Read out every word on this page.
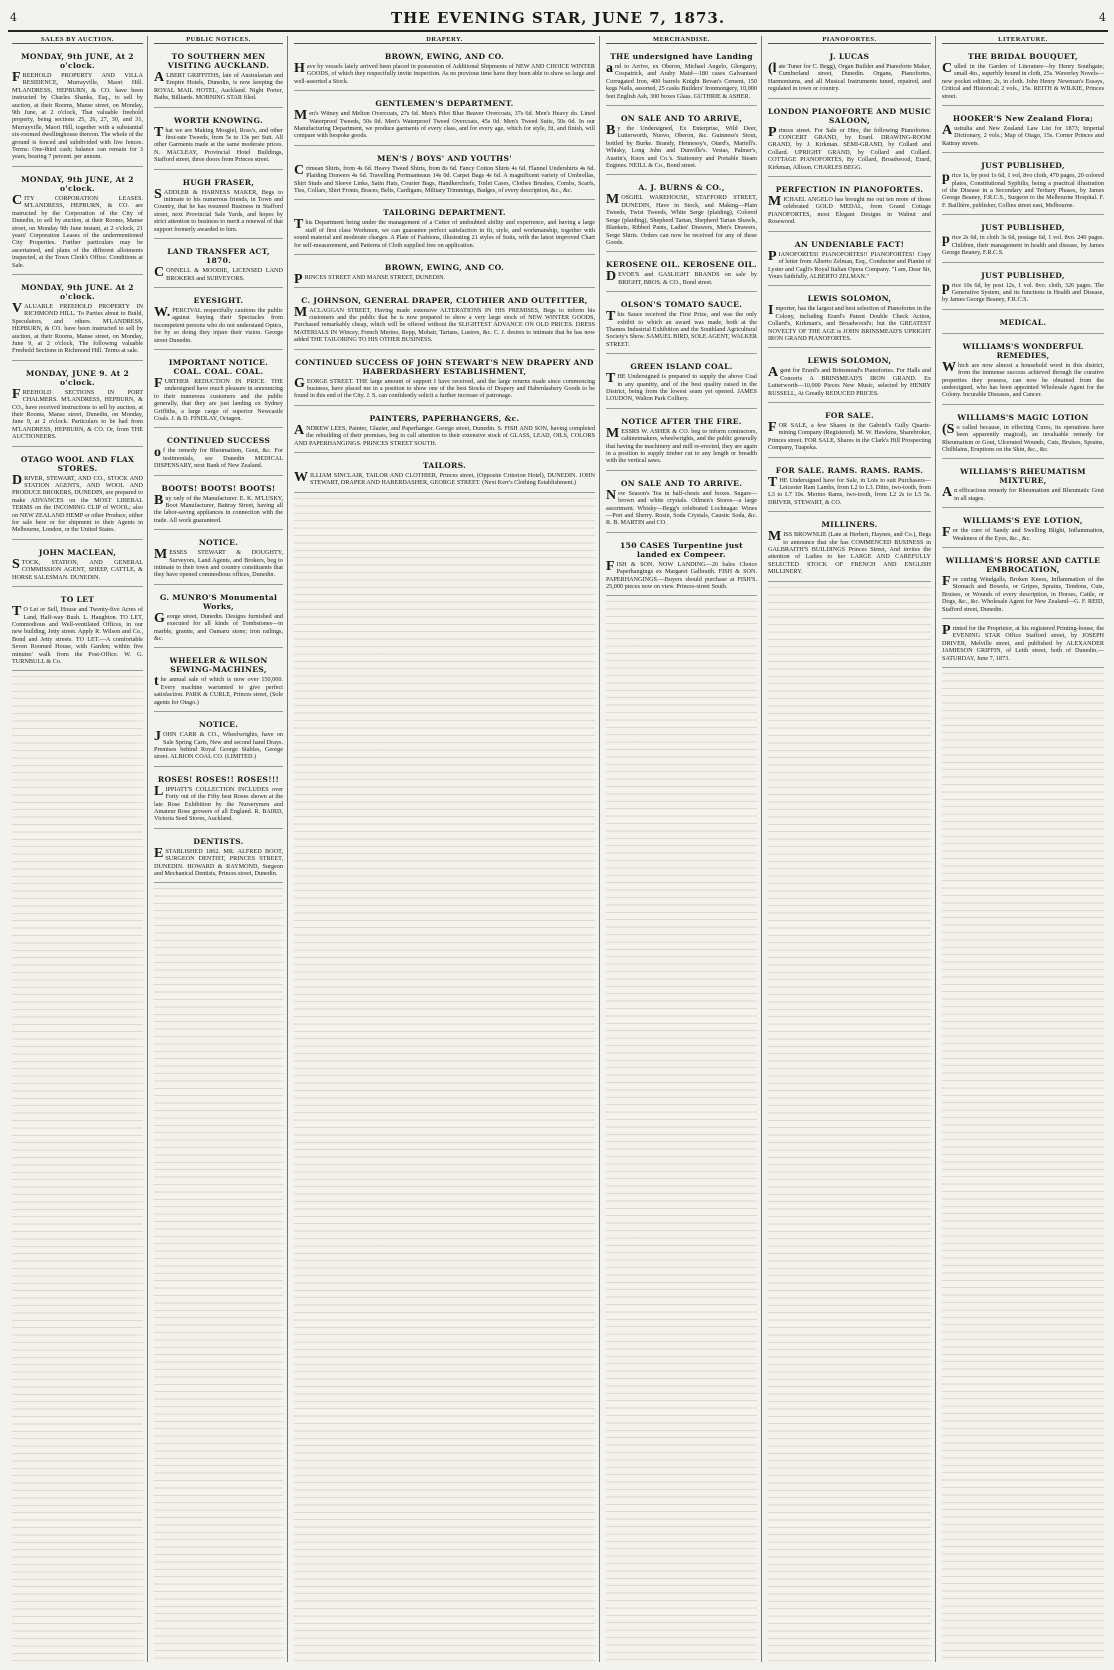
4	THE EVENING STAR, JUNE 7, 1873.	4
SALES BY AUCTION.
MONDAY, 9th JUNE, At 2 o'clock.

FREEHOLD PROPERTY AND VILLA RESIDENCE, Murrayville, Maori Hill. M'LANDRESS, HEPBURN, & CO. have been instructed by Charles Shanks, Esq., to sell by auction, at their Rooms, Manse street, on Monday, 9th June, at 2 o'clock, That valuable freehold property, being sections 25, 26, 27, 30, and 31, Murrayville, Maori Hill, together with a substantial six-roomed dwellinghouse thereon. The whole of the ground is fenced and subdivided with live fences. Terms: One-third cash; balance can remain for 3 years, bearing 7 percent. per annum.

MONDAY, 9th JUNE, At 2 o'clock.

CITY CORPORATION LEASES. M'LANDRESS, HEPBURN, & CO. are instructed by the Corporation of the City of Dunedin, to sell by auction, at their Rooms, Manse street, on Monday 9th June instant, at 2 o'clock, 21 years' Corporation Leases of the undermentioned City Properties. Further particulars may be ascertained, and plans of the different allotments inspected, at the Town Clerk's Office. Conditions at Sale.

MONDAY, 9th JUNE. At 2 o'clock.

VALUABLE FREEHOLD PROPERTY IN RICHMOND HILL. To Parties about to Build, Speculators, and others. M'LANDRESS, HEPBURN, & CO. have been instructed to sell by auction, at their Rooms, Manse street, on Monday, June 9, at 2 o'clock, The following valuable Freehold Sections in Richmond Hill. Terms at sale.

MONDAY, JUNE 9. At 2 o'clock.

FREEHOLD SECTIONS IN PORT CHALMERS. M'LANDRESS, HEPBURN, & CO., have received instructions to sell by auction, at their Rooms, Manse street, Dunedin, on Monday, June 9, at 2 o'clock. Particulars to be had from M'LANDRESS, HEPBURN, & CO. Or, from THE AUCTIONEERS.

OTAGO WOOL AND FLAX STORES.

DRIVER, STEWART, AND CO., STOCK AND STATION AGENTS, AND WOOL AND PRODUCE BROKERS, DUNEDIN, are prepared to make ADVANCES on the MOST LIBERAL TERMS on the INCOMING CLIP of WOOL; also on NEW ZEALAND HEMP or other Produce, either for sale here or for shipment to their Agents in Melbourne, London, or the United States.

JOHN MACLEAN,

STOCK, STATION, AND GENERAL COMMISSION AGENT, SHEEP, CATTLE, & HORSE SALESMAN. DUNEDIN.

TO LET

TO Let or Sell, House and Twenty-five Acres of Land, Half-way Bush. L. Haughton. TO LET, Commodious and Well-ventilated Offices, in our new building, Jetty street. Apply R. Wilson and Co., Bond and Jetty streets. TO LET.—A comfortable Seven Roomed House, with Garden; within five minutes' walk from the Post-Office. W. G. TURNBULL & Co.

PUBLIC NOTICES.
TO SOUTHERN MEN VISITING AUCKLAND.

ALBERT GRIFFITHS, late of Australasian and Empire Hotels, Dunedin, is now keeping the ROYAL MAIL HOTEL, Auckland. Night Porter, Baths, Billiards. MORNING STAR filed.

WORTH KNOWING.

That we are Making Mosgiel, Ross's, and other first-rate Tweeds, from 5s to 13s per Suit. All other Garments made at the same moderate prices. N. MACLEAY, Provincial Hotel Buildings, Stafford street, three doors from Princes street.

HUGH FRASER,

SADDLER & HARNESS MAKER, Begs to intimate to his numerous friends, in Town and Country, that he has resumed Business in Stafford street, next Provincial Sale Yards, and hopes by strict attention to business to merit a renewal of that support formerly awarded to him.

LAND TRANSFER ACT, 1870.

CONNELL & MOODIE, LICENSED LAND BROKERS and SURVEYORS.

EYESIGHT.

W.PERCIVAL respectfully cautions the public against buying their Spectacles from incompetent persons who do not understand Optics, for by so doing they injure their vision. George street Dunedin.

IMPORTANT NOTICE. COAL. COAL. COAL.

FURTHER REDUCTION IN PRICE. THE undersigned have much pleasure in announcing to their numerous customers and the public generally, that they are just landing ex Sydney Griffiths, a large cargo of superior Newcastle Coals. J. & D. FINDLAY, Octagon.

CONTINUED SUCCESS

of the remedy for Rheumatism, Gout, &c. For testimonials, see Dunedin MEDICAL DISPENSARY, next Bank of New Zealand.

BOOTS! BOOTS! BOOTS!

Buy only of the Manufacturer. E. K. M'LUSKY, Boot Manufacturer, Battray Street, having all the labor-saving appliances in connection with the trade. All work guaranteed.

NOTICE.

MESSES STEWART & DOUGHTY, Surveyors, Land Agents, and Brokers, beg to intimate to their town and country constituents that they have opened commodious offices, Dunedin.

G. MUNRO'S Monumental Works,

George street, Dunedin. Designs furnished and executed for all kinds of Tombstones—in marble, granite, and Oamaru stone; iron railings, &c.

WHEELER & WILSON SEWING-MACHINES,

the annual sale of which is now over 150,000. Every machine warranted to give perfect satisfaction. PARK & CURLE, Princes street, (Sole agents for Otago.)

NOTICE.

JOHN CARR & CO., Wheelwrights, have on Sale Spring Carts, New and second hand Drays. Premises behind Royal George Stables, George street. ALBION COAL CO. (LIMITED.)

ROSES! ROSES!! ROSES!!!

LIPPIATT'S COLLECTION INCLUDES over Forty out of the Fifty best Roses shown at the late Rose Exhibition by the Nurserymen and Amateur Rose growers of all England. R. BAIRD, Victoria Seed Stores, Auckland.

DENTISTS.

ESTABLISHED 1862. MR. ALFRED BOOT, SURGEON DENTIST, PRINCES STREET, DUNEDIN. HOWARD & RAYMOND, Surgeon and Mechanical Dentists, Princes street, Dunedin.

DRAPERY.
BROWN, EWING, AND CO.

Have by vessels lately arrived been placed in possession of Additional Shipments of NEW AND CHOICE WINTER GOODS, of which they respectfully invite inspection. As no previous time have they been able to show so large and well-assorted a Stock.

GENTLEMEN'S DEPARTMENT.

Men's Witney and Melton Overcoats, 27s 6d. Men's Pilot Blue Beaver Overcoats, 37s 6d. Men's Heavy do. Lined Waterproof Tweeds, 50s 0d. Men's Waterproof Tweed Overcoats, 45s 0d. Men's Tweed Suits, 50s 0d. In our Manufacturing Department, we produce garments of every class, and for every age, which for style, fit, and finish, will compare with bespoke goods.

MEN'S / BOYS' AND YOUTHS'

Crimean Shirts, from 4s 6d. Heavy Tweed Shirts, from 8s 6d. Fancy Cotton Shirts 4s 6d. Flannel Undershirts 4s 6d. Plaiding Drawers 4s 6d. Travelling Portmanteaus 14s 0d. Carpet Bags 4s 6d. A magnificent variety of Umbrellas, Shirt Studs and Sleeve Links, Satin Hats, Courier Bags, Handkerchiefs, Toilet Cases, Clothes Brushes, Combs, Scarfs, Ties, Collars, Shirt Fronts, Braces, Belts, Cardigans, Military Trimmings, Badges, of every description, &c., &c.

TAILORING DEPARTMENT.

This Department being under the management of a Cutter of undoubted ability and experience, and having a large staff of first class Workmen, we can guarantee perfect satisfaction in fit, style, and workmanship, together with sound material and moderate charges. A Plate of Fashions, illustrating 21 styles of Suits, with the latest improved Chart for self-measurement, and Patterns of Cloth supplied free on application.

BROWN, EWING, AND CO.

PRINCES STREET AND MANSE STREET, DUNEDIN.

C. JOHNSON, GENERAL DRAPER, CLOTHIER AND OUTFITTER,

MACLAGGAN STREET, Having made extensive ALTERATIONS IN HIS PREMISES, Begs to inform his customers and the public that he is now prepared to show a very large stock of NEW WINTER GOODS, Purchased remarkably cheap, which will be offered without the SLIGHTEST ADVANCE ON OLD PRICES. DRESS MATERIALS IN Wincey, French Merino, Repp, Mohair, Tartans, Lustres, &c. C. J. desires to intimate that he has now added THE TAILORING TO HIS OTHER BUSINESS.

CONTINUED SUCCESS OF JOHN STEWART'S NEW DRAPERY AND HABERDASHERY ESTABLISHMENT,

GEORGE STREET. THE large amount of support I have received, and the large returns made since commencing business, have placed me in a position to show one of the best Stocks of Drapery and Haberdashery Goods to be found in this end of the City. J. S. can confidently solicit a further increase of patronage.

PAINTERS, PAPERHANGERS, &c.

ANDREW LEES, Painter, Glazier, and Paperhanger. George street, Dunedin. S. FISH AND SON, having completed the rebuilding of their premises, beg to call attention to their extensive stock of GLASS, LEAD, OILS, COLORS AND PAPERHANGINGS. PRINCES STREET SOUTH.

TAILORS.

WILLIAM SINCLAIR, TAILOR AND CLOTHIER, Princes street, (Opposite Criterion Hotel), DUNEDIN. JOHN STEWART, DRAPER AND HABERDASHER, GEORGE STREET. (Next Kerr's Clothing Establishment.)

MERCHANDISE.
THE undersigned have Landing

and to Arrive, ex Oberon, Michael Angelo, Glengarry, Cospatrick, and Araby Maid—180 cases Galvanised Corrugated Iron, 400 barrels Knight Bevan's Cement, 150 kegs Nails, assorted, 25 casks Builders' Ironmongery, 10,000 feet English Ash, 300 boxes Glass. GUTHRIE & ASHER.

ON SALE AND TO ARRIVE,

By the Undersigned, Ex Enterprise, Wild Deer, Lutterworth, Nuovo, Oberon, &c. Guinness's Stout, bottled by Burke. Brandy, Hennessy's, Otard's, Martell's. Whisky, Long John and Dunville's. Vestas, Palmer's, Austin's, Knox and Co.'s. Stationery and Portable Steam Engines. NEILL & Co., Bond street.

A. J. BURNS & CO.,

MOSGIEL WAREHOUSE, STAFFORD STREET, DUNEDIN, Have in Stock, and Making—Plain Tweeds, Twist Tweeds, White Serge (plaiding), Colored Serge (plaiding), Shepherd Tartan, Shepherd Tartan Shawls, Blankets, Ribbed Pants, Ladies' Drawers, Men's Drawers, Serge Shirts. Orders can now be received for any of these Goods.

KEROSENE OIL. KEROSENE OIL.

DEVOE'S and GASLIGHT BRANDS on sale by BRIGHT, BROS. & CO., Bond street.

OLSON'S TOMATO SAUCE.

This Sauce received the First Prize, and was the only exhibit to which an award was made, both at the Thames Industrial Exhibition and the Southland Agricultural Society's Show. SAMUEL BIRD, SOLE AGENT, WALKER STREET.

GREEN ISLAND COAL.

THE Undersigned is prepared to supply the above Coal in any quantity, and of the best quality raised in the District, being from the lowest seam yet opened. JAMES LOUDON, Walton Park Colliery.

NOTICE AFTER THE FIRE.

MESSRS W. ASHER & CO. beg to inform contractors, cabinetmakers, wheelwrights, and the public generally that having the machinery and mill re-erected, they are again in a position to supply timber cut to any length or breadth with the vertical saws.

ON SALE AND TO ARRIVE.

New Season's Tea in half-chests and boxes. Sugars—brown and white crystals. Oilmen's Stores—a large assortment. Whisky—Begg's celebrated Lochnagar. Wines—Port and Sherry. Rosin, Soda Crystals, Caustic Soda, &c. R. B. MARTIN and CO.

150 CASES Turpentine just landed ex Compeer.

FISH & SON. NOW LANDING—20 bales Choice Paperhangings ex Margaret Galbraith. FISH & SON. PAPERHANGINGS.—Buyers should purchase at FISH'S. 25,000 pieces now on view. Princes-street South.

PIANOFORTES.
J. LUCAS

(late Tuner for C. Begg), Organ Builder and Pianoforte Maker, Cumberland street, Dunedin. Organs, Pianofortes, Harmoniums, and all Musical Instruments tuned, repaired, and regulated in town or country.

LONDON PIANOFORTE AND MUSIC SALOON,

Princes street. For Sale or Hire, the following Pianofortes: CONCERT GRAND, by Erard. DRAWING-ROOM GRAND, by J. Kirkman. SEMI-GRAND, by Collard and Collard. UPRIGHT GRAND, by Collard and Collard. COTTAGE PIANOFORTES, By Collard, Broadwood, Erard, Kirkman, Allison. CHARLES BEGG.

PERFECTION IN PIANOFORTES.

MICHAEL ANGELO has brought me out ten more of those celebrated GOLD MEDAL, from Grand Cottage PIANOFORTES, most Elegant Designs in Walnut and Rosewood.

AN UNDENIABLE FACT!

PIANOFORTES! PIANOFORTES!! PIANOFORTES! Copy of letter from Alberto Zelman, Esq., Conductor and Pianist of Lyster and Cagli's Royal Italian Opera Company. "I am, Dear Sir, Yours faithfully, ALBERTO ZELMAN."

LEWIS SOLOMON,

Importer, has the largest and best selection of Pianofortes in the Colony, including Erard's Patent Double Check Action, Collard's, Kirkman's, and Broadwood's; but the GREATEST NOVELTY OF THE AGE is JOHN BRINSMEAD'S UPRIGHT IRON GRAND PIANOFORTES.

LEWIS SOLOMON,

Agent for Erard's and Brinsmead's Pianofortes. For Halls and Concerts A BRINSMEAD'S IRON GRAND. Ex Lutterworth—10,000 Pieces New Music, selected by HENRY RUSSELL, At Greatly REDUCED PRICES.

FOR SALE.

FOR SALE, a few Shares in the Gabriel's Gully Quartz-mining Company (Registered). M. W. Hawkins, Sharebroker, Princes street. FOR SALE, Shares in the Clark's Hill Prospecting Company, Tuapeka.

FOR SALE. RAMS. RAMS. RAMS.

THE Undersigned have for Sale, in Lots to suit Purchasers—Leicester Ram Lambs, from L2 to L3. Ditto, two-tooth, from L3 to L7 10s. Merino Rams, two-tooth, from L2 2s to L5 5s. DRIVER, STEWART, & CO.

MILLINERS.

MISS BROWNLIE (Late at Herbert, Haynes, and Co.), Begs to announce that she has COMMENCED BUSINESS in GALBRAITH'S BUILDINGS Princes Street, And invites the attention of Ladies to her LARGE AND CAREFULLY SELECTED STOCK OF FRENCH AND ENGLISH MILLINERY.

LITERATURE.
THE BRIDAL BOUQUET,

Culled in the Garden of Literature—by Henry Southgate; small 4to., superbly bound in cloth, 25s. Waverley Novels—new pocket edition; 2s, in cloth. John Henry Newman's Essays, Critical and Historical; 2 vols., 15s. REITH & WILKIE, Princes street.

HOOKER'S New Zealand Flora;

Australia and New Zealand Law List for 1873; Imperial Dictionary, 2 vols.; Map of Otago, 15s. Corner Princes and Rattray streets.

JUST PUBLISHED,

price 1s, by post 1s 6d, 1 vol, 8vo cloth, 470 pages, 20 colored plates, Constitutional Syphilis, being a practical illustration of the Disease in a Secondary and Tertiary Phases, by James George Beaney, F.R.C.S., Surgeon to the Melbourne Hospital. F. F. Baillière, publisher, Collins street east, Melbourne.

JUST PUBLISHED,

price 2s 6d, in cloth 3s 6d, postage 6d, 1 vol. 8vo. 240 pages. Children, their management in health and disease, by James George Beaney, F.R.C.S.

JUST PUBLISHED,

price 10s 6d, by post 12s, 1 vol. 8vo. cloth, 326 pages. The Generative System, and its functions in Health and Disease, by James George Beaney, F.R.C.S.

MEDICAL.
WILLIAMS'S WONDERFUL REMEDIES,

Which are now almost a household word in this district, from the immense success achieved through the curative properties they possess, can now be obtained from the undersigned, who has been appointed Wholesale Agent for the Colony. Incurable Diseases, and Cancer.

WILLIAMS'S MAGIC LOTION

(So called because, in effecting Cures, its operations have been apparently magical), an invaluable remedy for Rheumatism or Gout, Ulcerated Wounds, Cuts, Bruises, Sprains, Chilblains, Eruptions on the Skin, &c., &c.

WILLIAMS'S RHEUMATISM MIXTURE,

An efficacious remedy for Rheumatism and Rheumatic Gout in all stages.

WILLIAMS'S EYE LOTION,

For the cure of Sandy and Swelling Blight, Inflammation, Weakness of the Eyes, &c., &c.

WILLIAMS'S HORSE AND CATTLE EMBROCATION,

For curing Windgalls, Broken Knees, Inflammation of the Stomach and Bowels, or Gripes, Sprains, Tendons, Cuts, Bruises, or Wounds of every description, in Horses, Cattle, or Dogs, &c., &c. Wholesale Agent for New Zealand—G. F. REID, Stafford street, Dunedin.

Printed for the Proprietor, at his registered Printing-house, the EVENING STAR Office Stafford street, by JOSEPH DRIVER, Melville street, and published by ALEXANDER JAMIESON GRIFFIN, of Leith street, both of Dunedin.—SATURDAY, June 7, 1873.
